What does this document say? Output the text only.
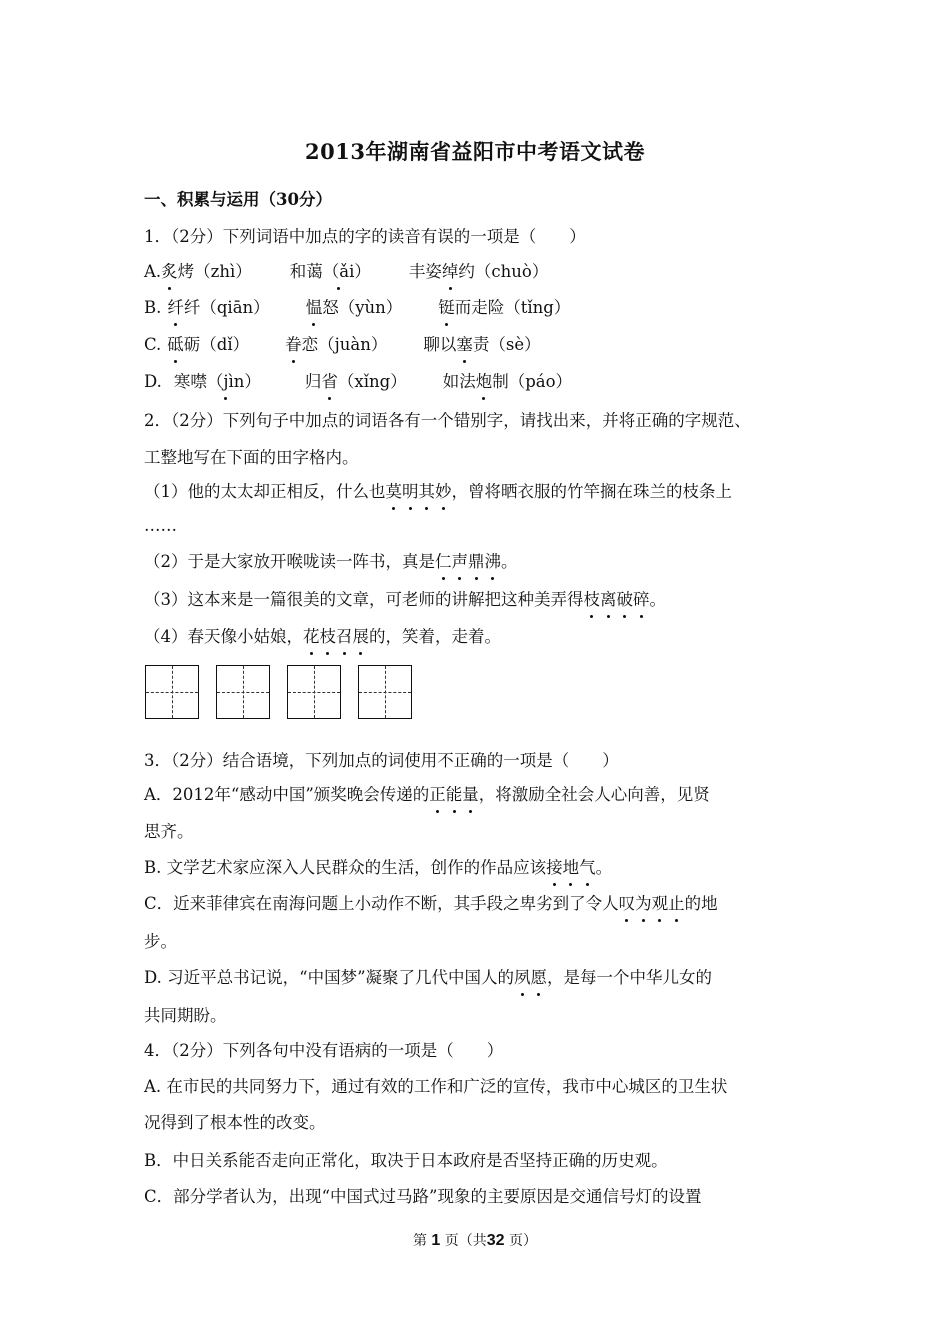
2013年湖南省益阳市中考语文试卷
一、积累与运用（30分）
1．（2分）下列词语中加点的字的读音有误的一项是（　　）
A.炙烤（zhì） 和蔼（ǎi） 丰姿绰约（chuò）
B. 纤纤（qiān） 愠怒（yùn） 铤而走险（tǐng）
C. 砥砺（dǐ） 眷恋（juàn） 聊以塞责（sè）
D. 寒噤（jìn）	归省（xǐng） 如法炮制（páo）
2．（2分）下列句子中加点的词语各有一个错别字，请找出来，并将正确的字规范、
工整地写在下面的田字格内。
（1）他的太太却正相反，什么也莫明其妙，曾将晒衣服的竹竿搁在珠兰的枝条上
……
（2）于是大家放开喉咙读一阵书，真是仁声鼎沸。
（3）这本来是一篇很美的文章，可老师的讲解把这种美弄得枝离破碎。
（4）春天像小姑娘，花枝召展的，笑着，走着。
3．（2分）结合语境，下列加点的词使用不正确的一项是（　　）
A．2012年“感动中国”颁奖晚会传递的正能量，将激励全社会人心向善，见贤
思齐。
B. 文学艺术家应深入人民群众的生活，创作的作品应该接地气。
C．近来菲律宾在南海问题上小动作不断，其手段之卑劣到了令人叹为观止的地
步。
D. 习近平总书记说，“中国梦”凝聚了几代中国人的夙愿，是每一个中华儿女的
共同期盼。
4．（2分）下列各句中没有语病的一项是（　　）
A. 在市民的共同努力下，通过有效的工作和广泛的宣传，我市中心城区的卫生状
况得到了根本性的改变。
B．中日关系能否走向正常化，取决于日本政府是否坚持正确的历史观。
C．部分学者认为，出现“中国式过马路”现象的主要原因是交通信号灯的设置
第 1 页（共32 页）
